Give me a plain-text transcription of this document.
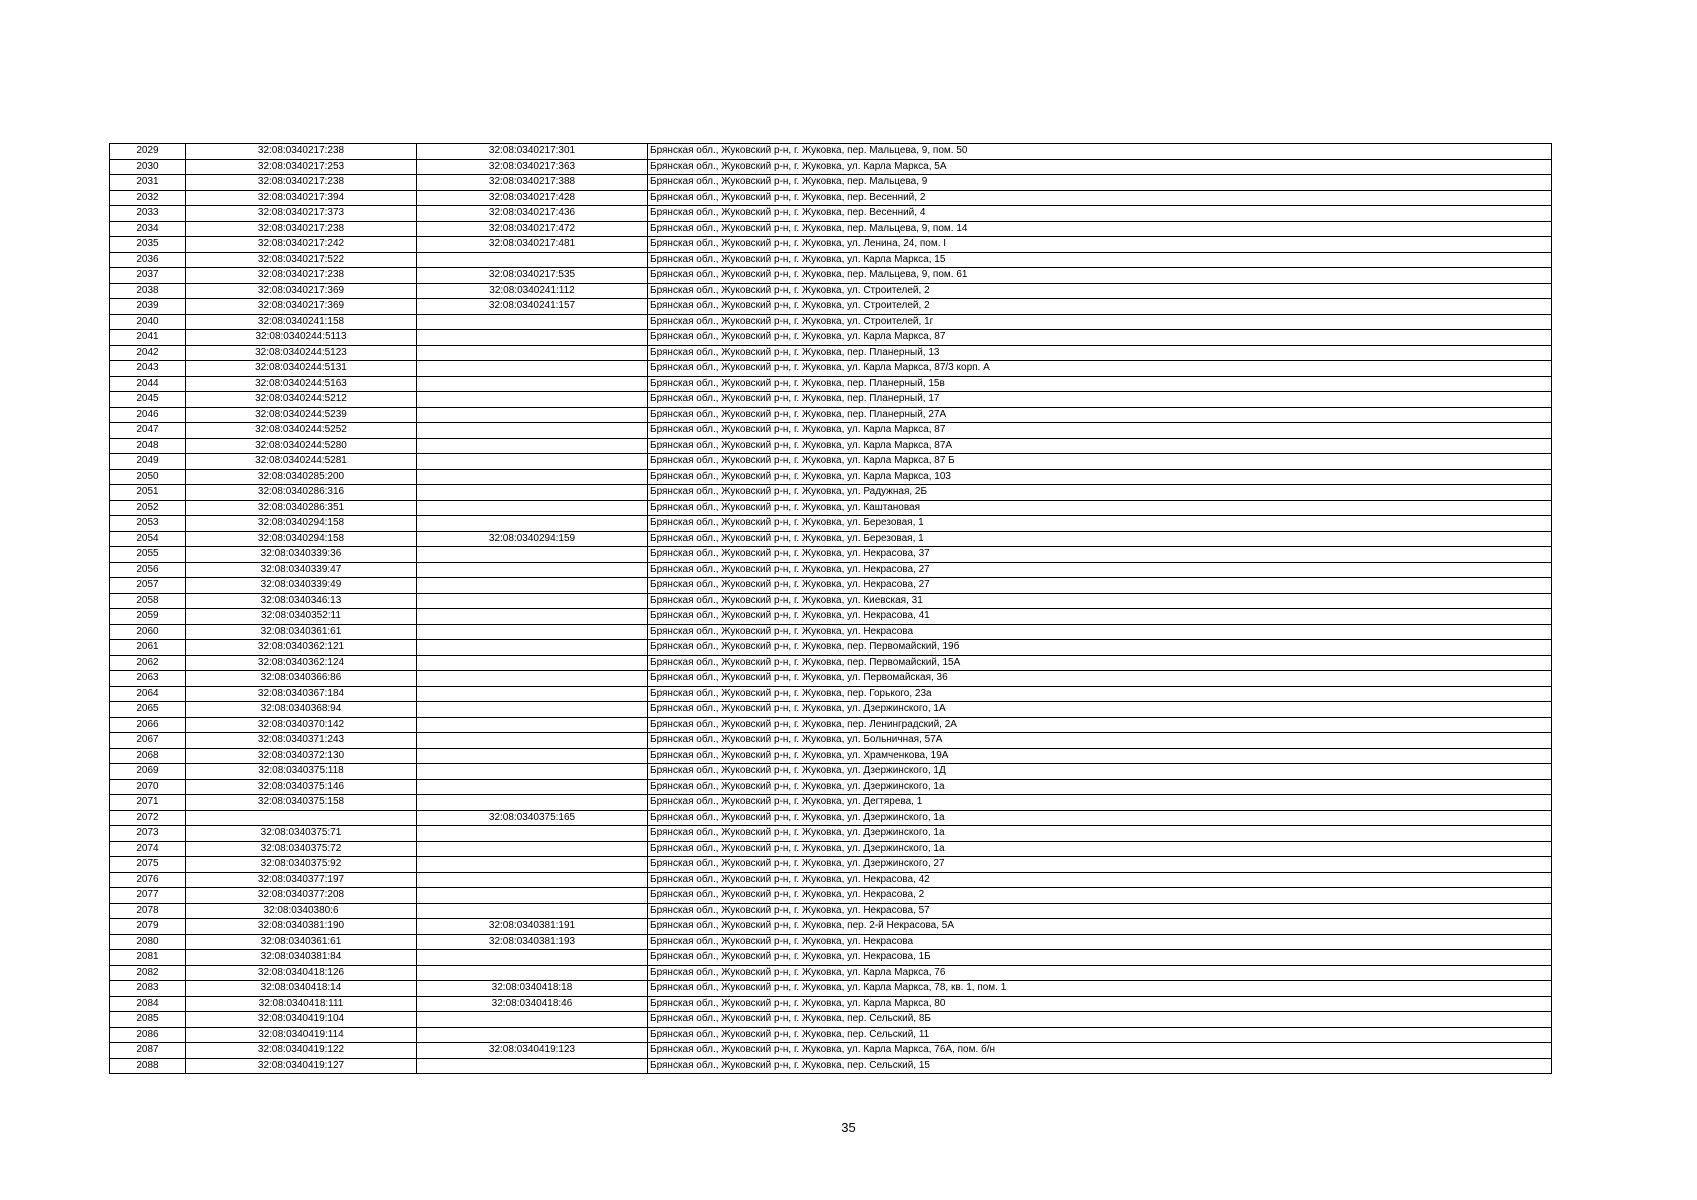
2029	32:08:0340217:238	32:08:0340217:301	Брянская обл., Жуковский р-н, г. Жуковка, пер. Мальцева, 9, пом. 50
2030	32:08:0340217:253	32:08:0340217:363	Брянская обл., Жуковский р-н, г. Жуковка, ул. Карла Маркса, 5А
2031	32:08:0340217:238	32:08:0340217:388	Брянская обл., Жуковский р-н, г. Жуковка, пер. Мальцева, 9
2032	32:08:0340217:394	32:08:0340217:428	Брянская обл., Жуковский р-н, г. Жуковка, пер. Весенний, 2
2033	32:08:0340217:373	32:08:0340217:436	Брянская обл., Жуковский р-н, г. Жуковка, пер. Весенний, 4
2034	32:08:0340217:238	32:08:0340217:472	Брянская обл., Жуковский р-н, г. Жуковка, пер. Мальцева, 9, пом. 14
2035	32:08:0340217:242	32:08:0340217:481	Брянская обл., Жуковский р-н, г. Жуковка, ул. Ленина, 24, пом. I
2036	32:08:0340217:522		Брянская обл., Жуковский р-н, г. Жуковка, ул. Карла Маркса, 15
2037	32:08:0340217:238	32:08:0340217:535	Брянская обл., Жуковский р-н, г. Жуковка, пер. Мальцева, 9, пом. 61
2038	32:08:0340217:369	32:08:0340241:112	Брянская обл., Жуковский р-н, г. Жуковка, ул. Строителей, 2
2039	32:08:0340217:369	32:08:0340241:157	Брянская обл., Жуковский р-н, г. Жуковка, ул. Строителей, 2
2040	32:08:0340241:158		Брянская обл., Жуковский р-н, г. Жуковка, ул. Строителей, 1г
2041	32:08:0340244:5113		Брянская обл., Жуковский р-н, г. Жуковка, ул. Карла Маркса, 87
2042	32:08:0340244:5123		Брянская обл., Жуковский р-н, г. Жуковка, пер. Планерный, 13
2043	32:08:0340244:5131		Брянская обл., Жуковский р-н, г. Жуковка, ул. Карла Маркса, 87/3 корп. А
2044	32:08:0340244:5163		Брянская обл., Жуковский р-н, г. Жуковка, пер. Планерный, 15в
2045	32:08:0340244:5212		Брянская обл., Жуковский р-н, г. Жуковка, пер. Планерный, 17
2046	32:08:0340244:5239		Брянская обл., Жуковский р-н, г. Жуковка, пер. Планерный, 27А
2047	32:08:0340244:5252		Брянская обл., Жуковский р-н, г. Жуковка, ул. Карла Маркса, 87
2048	32:08:0340244:5280		Брянская обл., Жуковский р-н, г. Жуковка, ул. Карла Маркса, 87А
2049	32:08:0340244:5281		Брянская обл., Жуковский р-н, г. Жуковка, ул. Карла Маркса, 87 Б
2050	32:08:0340285:200		Брянская обл., Жуковский р-н, г. Жуковка, ул. Карла Маркса, 103
2051	32:08:0340286:316		Брянская обл., Жуковский р-н, г. Жуковка, ул. Радужная, 2Б
2052	32:08:0340286:351		Брянская обл., Жуковский р-н, г. Жуковка, ул. Каштановая
2053	32:08:0340294:158		Брянская обл., Жуковский р-н, г. Жуковка, ул. Березовая, 1
2054	32:08:0340294:158	32:08:0340294:159	Брянская обл., Жуковский р-н, г. Жуковка, ул. Березовая, 1
2055	32:08:0340339:36		Брянская обл., Жуковский р-н, г. Жуковка, ул. Некрасова, 37
2056	32:08:0340339:47		Брянская обл., Жуковский р-н, г. Жуковка, ул. Некрасова, 27
2057	32:08:0340339:49		Брянская обл., Жуковский р-н, г. Жуковка, ул. Некрасова, 27
2058	32:08:0340346:13		Брянская обл., Жуковский р-н, г. Жуковка, ул. Киевская, 31
2059	32:08:0340352:11		Брянская обл., Жуковский р-н, г. Жуковка, ул. Некрасова, 41
2060	32:08:0340361:61		Брянская обл., Жуковский р-н, г. Жуковка, ул. Некрасова
2061	32:08:0340362:121		Брянская обл., Жуковский р-н, г. Жуковка, пер. Первомайский, 19б
2062	32:08:0340362:124		Брянская обл., Жуковский р-н, г. Жуковка, пер. Первомайский, 15А
2063	32:08:0340366:86		Брянская обл., Жуковский р-н, г. Жуковка, ул. Первомайская, 36
2064	32:08:0340367:184		Брянская обл., Жуковский р-н, г. Жуковка, пер. Горького, 23а
2065	32:08:0340368:94		Брянская обл., Жуковский р-н, г. Жуковка, ул. Дзержинского, 1А
2066	32:08:0340370:142		Брянская обл., Жуковский р-н, г. Жуковка, пер. Ленинградский, 2А
2067	32:08:0340371:243		Брянская обл., Жуковский р-н, г. Жуковка, ул. Больничная, 57А
2068	32:08:0340372:130		Брянская обл., Жуковский р-н, г. Жуковка, ул. Храмченкова, 19А
2069	32:08:0340375:118		Брянская обл., Жуковский р-н, г. Жуковка, ул. Дзержинского, 1Д
2070	32:08:0340375:146		Брянская обл., Жуковский р-н, г. Жуковка, ул. Дзержинского, 1а
2071	32:08:0340375:158		Брянская обл., Жуковский р-н, г. Жуковка, ул. Дегтярева, 1
2072		32:08:0340375:165	Брянская обл., Жуковский р-н, г. Жуковка, ул. Дзержинского, 1а
2073	32:08:0340375:71		Брянская обл., Жуковский р-н, г. Жуковка, ул. Дзержинского, 1а
2074	32:08:0340375:72		Брянская обл., Жуковский р-н, г. Жуковка, ул. Дзержинского, 1а
2075	32:08:0340375:92		Брянская обл., Жуковский р-н, г. Жуковка, ул. Дзержинского, 27
2076	32:08:0340377:197		Брянская обл., Жуковский р-н, г. Жуковка, ул. Некрасова, 42
2077	32:08:0340377:208		Брянская обл., Жуковский р-н, г. Жуковка, ул. Некрасова, 2
2078	32:08:0340380:6		Брянская обл., Жуковский р-н, г. Жуковка, ул. Некрасова, 57
2079	32:08:0340381:190	32:08:0340381:191	Брянская обл., Жуковский р-н, г. Жуковка, пер. 2-й Некрасова, 5А
2080	32:08:0340361:61	32:08:0340381:193	Брянская обл., Жуковский р-н, г. Жуковка, ул. Некрасова
2081	32:08:0340381:84		Брянская обл., Жуковский р-н, г. Жуковка, ул. Некрасова, 1Б
2082	32:08:0340418:126		Брянская обл., Жуковский р-н, г. Жуковка, ул. Карла Маркса, 76
2083	32:08:0340418:14	32:08:0340418:18	Брянская обл., Жуковский р-н, г. Жуковка, ул. Карла Маркса, 78, кв. 1, пом. 1
2084	32:08:0340418:111	32:08:0340418:46	Брянская обл., Жуковский р-н, г. Жуковка, ул. Карла Маркса, 80
2085	32:08:0340419:104		Брянская обл., Жуковский р-н, г. Жуковка, пер. Сельский, 8Б
2086	32:08:0340419:114		Брянская обл., Жуковский р-н, г. Жуковка, пер. Сельский, 11
2087	32:08:0340419:122	32:08:0340419:123	Брянская обл., Жуковский р-н, г. Жуковка, ул. Карла Маркса, 76А, пом. б/н
2088	32:08:0340419:127		Брянская обл., Жуковский р-н, г. Жуковка, пер. Сельский, 15
35
